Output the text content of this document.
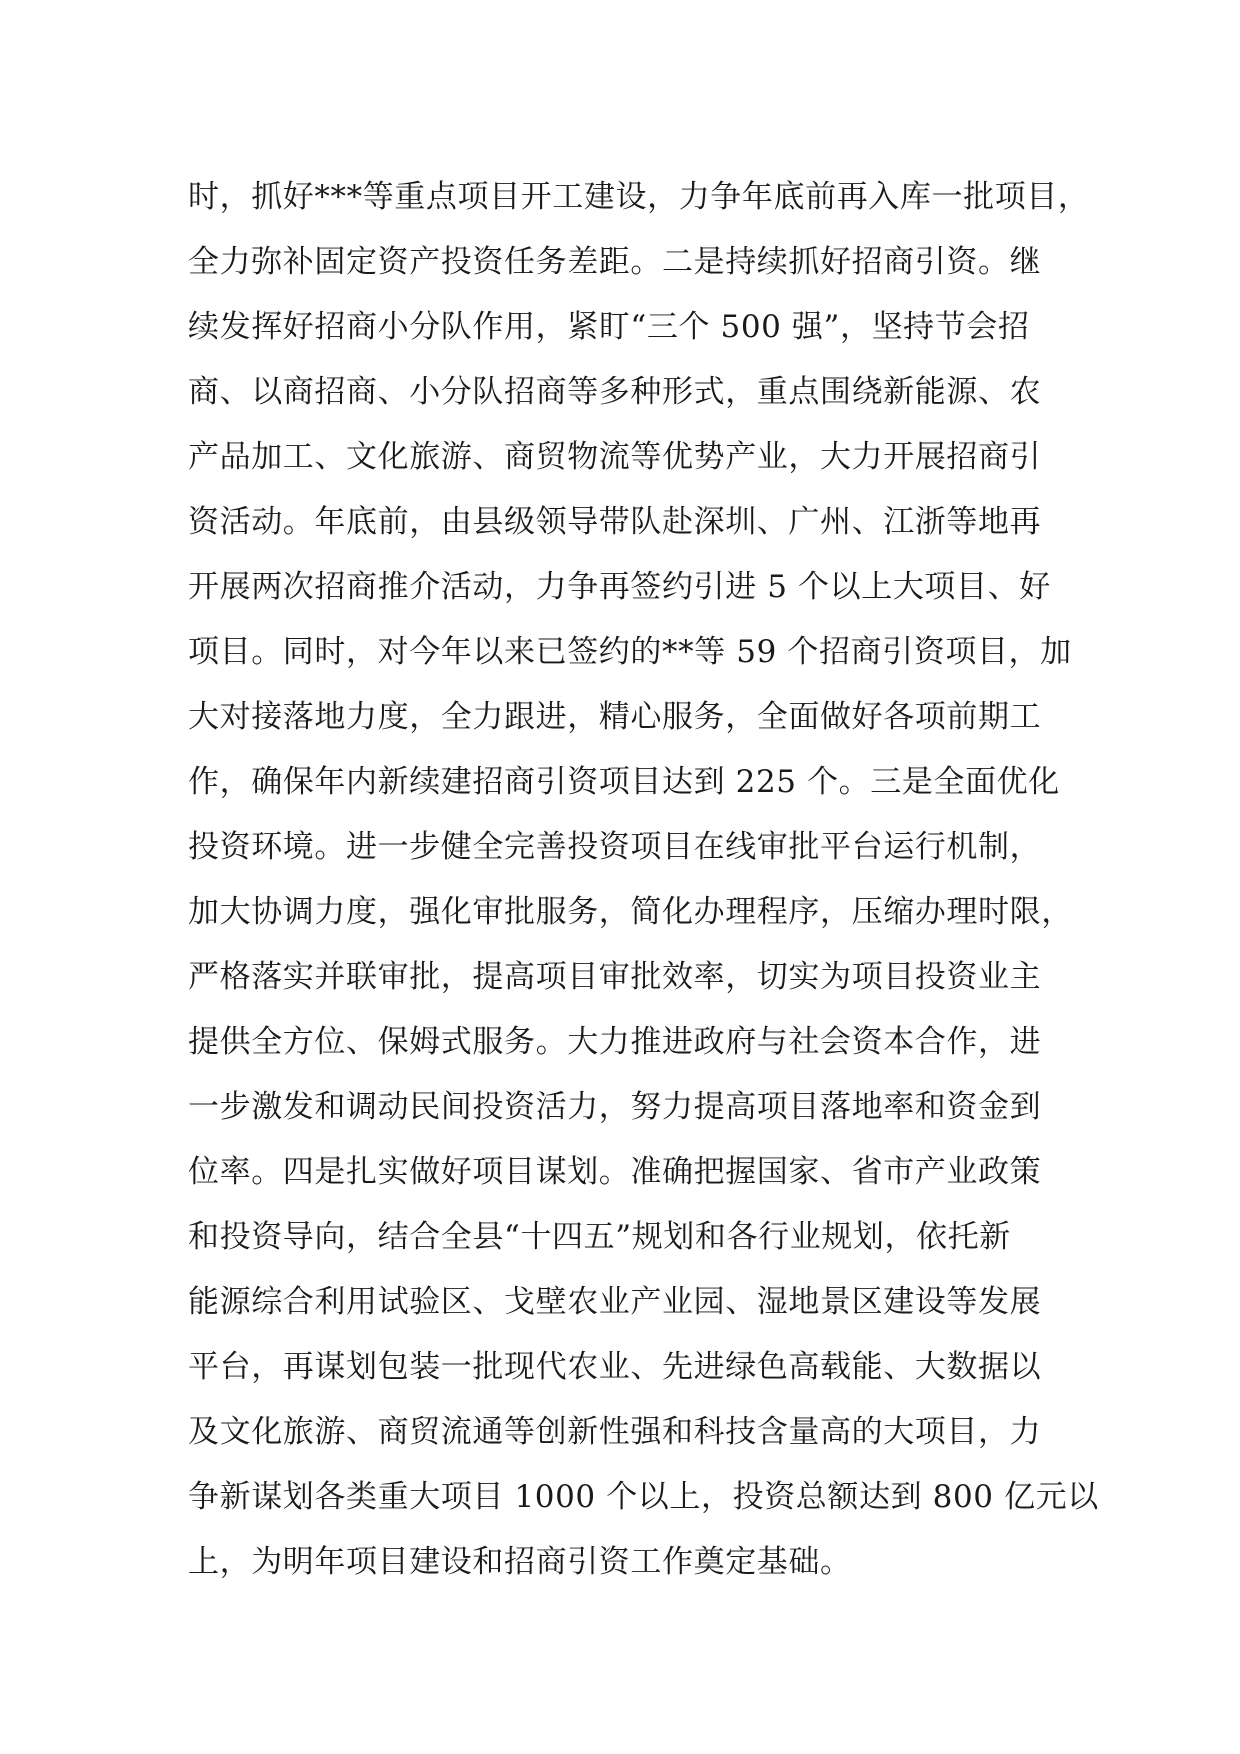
时，抓好***等重点项目开工建设，力争年底前再入库一批项目，
全力弥补固定资产投资任务差距。二是持续抓好招商引资。继
续发挥好招商小分队作用，紧盯“三个 500 强”，坚持节会招
商、以商招商、小分队招商等多种形式，重点围绕新能源、农
产品加工、文化旅游、商贸物流等优势产业，大力开展招商引
资活动。年底前，由县级领导带队赴深圳、广州、江浙等地再
开展两次招商推介活动，力争再签约引进 5 个以上大项目、好
项目。同时，对今年以来已签约的**等 59 个招商引资项目，加
大对接落地力度，全力跟进，精心服务，全面做好各项前期工
作，确保年内新续建招商引资项目达到 225 个。三是全面优化
投资环境。进一步健全完善投资项目在线审批平台运行机制，
加大协调力度，强化审批服务，简化办理程序，压缩办理时限，
严格落实并联审批，提高项目审批效率，切实为项目投资业主
提供全方位、保姆式服务。大力推进政府与社会资本合作，进
一步激发和调动民间投资活力，努力提高项目落地率和资金到
位率。四是扎实做好项目谋划。准确把握国家、省市产业政策
和投资导向，结合全县“十四五”规划和各行业规划，依托新
能源综合利用试验区、戈壁农业产业园、湿地景区建设等发展
平台，再谋划包装一批现代农业、先进绿色高载能、大数据以
及文化旅游、商贸流通等创新性强和科技含量高的大项目，力
争新谋划各类重大项目 1000 个以上，投资总额达到 800 亿元以
上，为明年项目建设和招商引资工作奠定基础。
